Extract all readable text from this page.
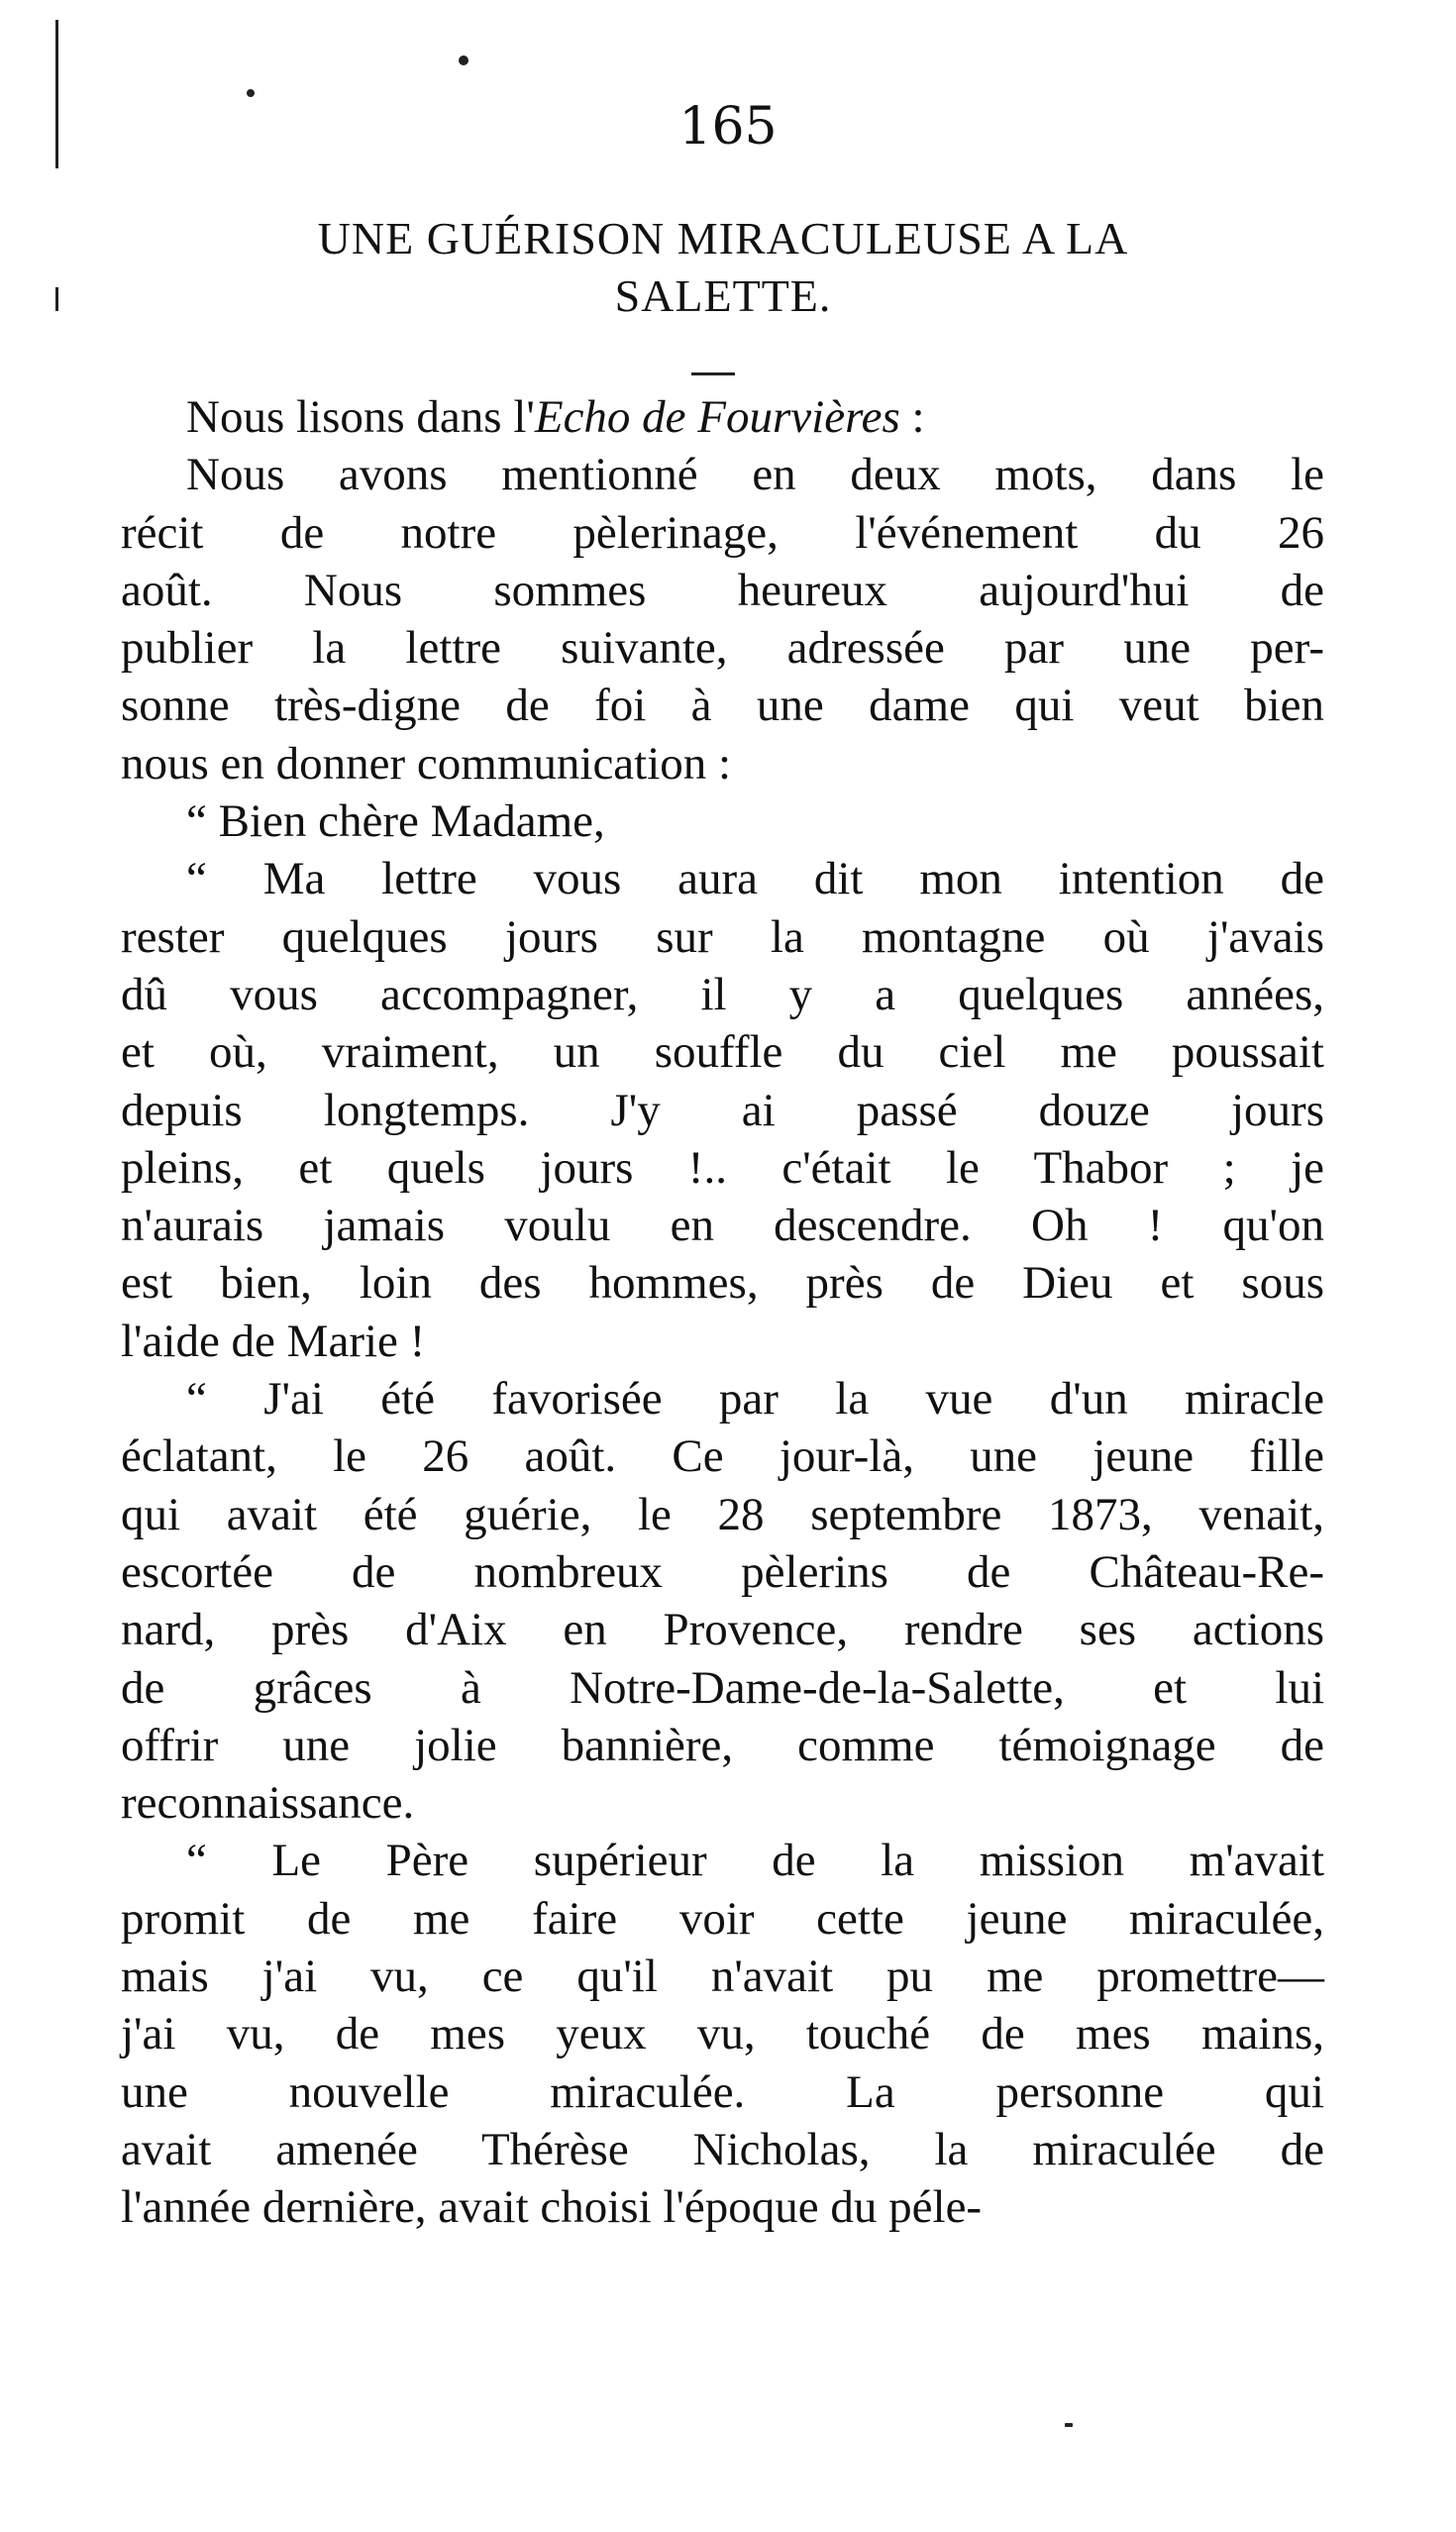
165
UNE GUÉRISON MIRACULEUSE A LA
SALETTE.

Nous lisons dans l'Echo de Fourvières :

Nous avons mentionné en deux mots, dans le
récit de notre pèlerinage, l'événement du 26
août. Nous sommes heureux aujourd'hui de
publier la lettre suivante, adressée par une per-
sonne très-digne de foi à une dame qui veut bien
nous en donner communication :
“ Bien chère Madame,
“ Ma lettre vous aura dit mon intention de
rester quelques jours sur la montagne où j'avais
dû vous accompagner, il y a quelques années,
et où, vraiment, un souffle du ciel me poussait
depuis longtemps. J'y ai passé douze jours
pleins, et quels jours !.. c'était le Thabor ; je
n'aurais jamais voulu en descendre. Oh ! qu'on
est bien, loin des hommes, près de Dieu et sous
l'aide de Marie !
“ J'ai été favorisée par la vue d'un miracle
éclatant, le 26 août. Ce jour-là, une jeune fille
qui avait été guérie, le 28 septembre 1873, venait,
escortée de nombreux pèlerins de Château-Re-
nard, près d'Aix en Provence, rendre ses actions
de grâces à Notre-Dame-de-la-Salette, et lui
offrir une jolie bannière, comme témoignage de
reconnaissance.
“ Le Père supérieur de la mission m'avait
promit de me faire voir cette jeune miraculée,
mais j'ai vu, ce qu'il n'avait pu me promettre—
j'ai vu, de mes yeux vu, touché de mes mains,
une nouvelle miraculée. La personne qui
avait amenée Thérèse Nicholas, la miraculée de
l'année dernière, avait choisi l'époque du péle-
